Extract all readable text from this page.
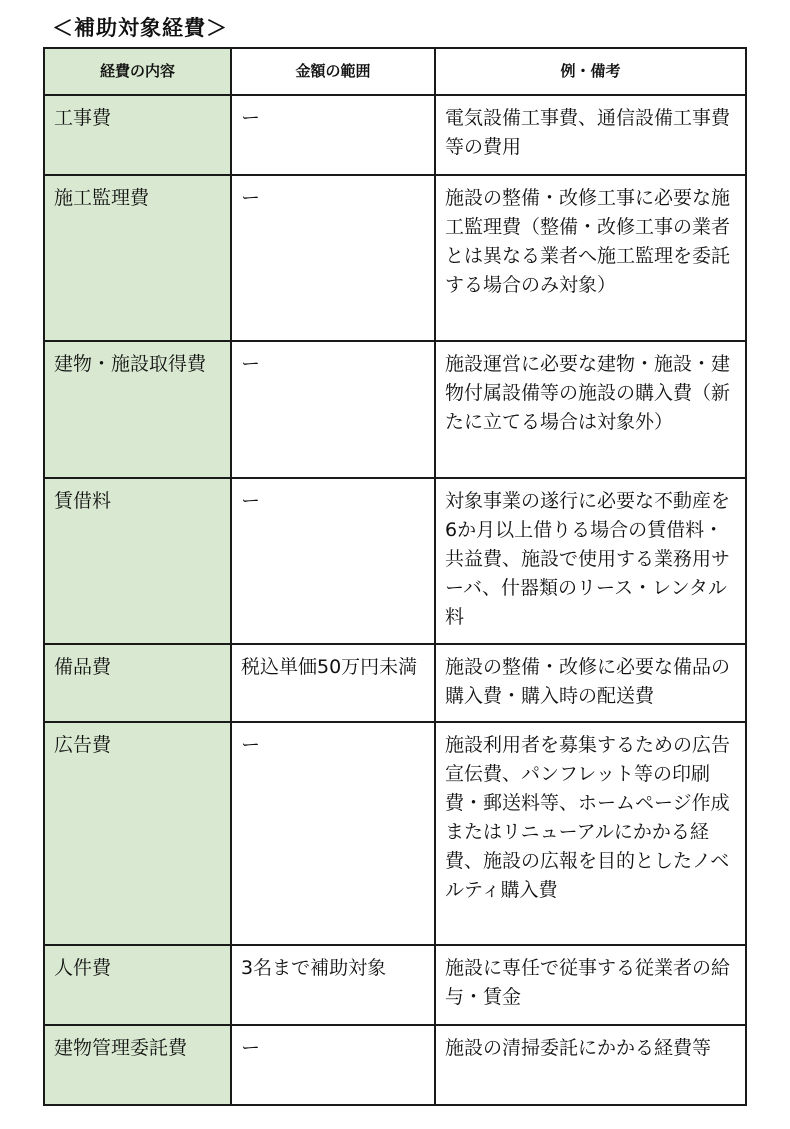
＜補助対象経費＞
経費の内容	金額の範囲	例・備考
工事費	ー	電気設備工事費、通信設備工事費等の費用
施工監理費	ー	施設の整備・改修工事に必要な施工監理費（整備・改修工事の業者とは異なる業者へ施工監理を委託する場合のみ対象）
建物・施設取得費	ー	施設運営に必要な建物・施設・建物付属設備等の施設の購入費（新たに立てる場合は対象外）
賃借料	ー	対象事業の遂行に必要な不動産を6か月以上借りる場合の賃借料・共益費、施設で使用する業務用サーバ、什器類のリース・レンタル料
備品費	税込単価50万円未満	施設の整備・改修に必要な備品の購入費・購入時の配送費
広告費	ー	施設利用者を募集するための広告宣伝費、パンフレット等の印刷費・郵送料等、ホームページ作成またはリニューアルにかかる経費、施設の広報を目的としたノベルティ購入費
人件費	3名まで補助対象	施設に専任で従事する従業者の給与・賃金
建物管理委託費	ー	施設の清掃委託にかかる経費等
